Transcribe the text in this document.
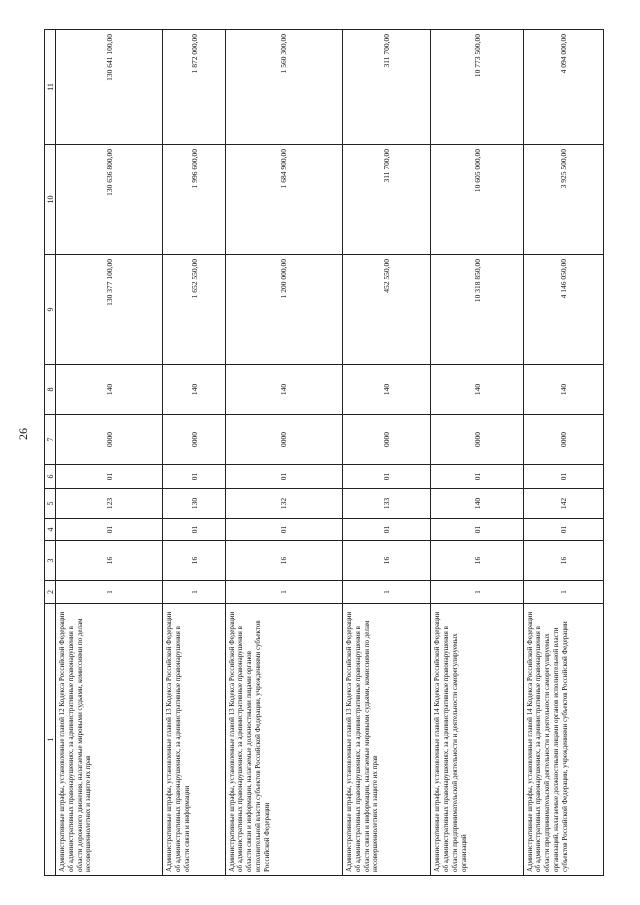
26
1	2	3	4	5	6	7	8	9	10	11
Административные штрафы, установленные главой 12 Кодекса Российской Федерации об административных правонарушениях, за административные правонарушения в области дорожного движения, налагаемые мировыми судьями, комиссиями по делам несовершеннолетних и защите их прав	1	16	01	123	01	0000	140	130 377 100,00	130 636 800,00	130 641 100,00
Административные штрафы, установленные главой 13 Кодекса Российской Федерации об административных правонарушениях, за административные правонарушения в области связи и информации	1	16	01	130	01	0000	140	1 652 550,00	1 996 600,00	1 872 000,00
Административные штрафы, установленные главой 13 Кодекса Российской Федерации об административных правонарушениях, за административные правонарушения в области связи и информации, налагаемые должностными лицами органов исполнительной власти субъектов Российской Федерации, учреждениями субъектов Российской Федерации	1	16	01	132	01	0000	140	1 200 000,00	1 684 900,00	1 560 300,00
Административные штрафы, установленные главой 13 Кодекса Российской Федерации об административных правонарушениях, за административные правонарушения в области связи и информации, налагаемые мировыми судьями, комиссиями по делам несовершеннолетних и защите их прав	1	16	01	133	01	0000	140	452 550,00	311 700,00	311 700,00
Административные штрафы, установленные главой 14 Кодекса Российской Федерации об административных правонарушениях, за административные правонарушения в области предпринимательской деятельности и деятельности саморегулируемых организаций	1	16	01	140	01	0000	140	10 318 850,00	10 605 000,00	10 773 500,00
Административные штрафы, установленные главой 14 Кодекса Российской Федерации об административных правонарушениях, за административные правонарушения в области предпринимательской деятельности и деятельности саморегулируемых организаций, налагаемые должностными лицами органов исполнительной власти субъектов Российской Федерации, учреждениями субъектов Российской Федерации	1	16	01	142	01	0000	140	4 146 050,00	3 925 500,00	4 094 000,00
